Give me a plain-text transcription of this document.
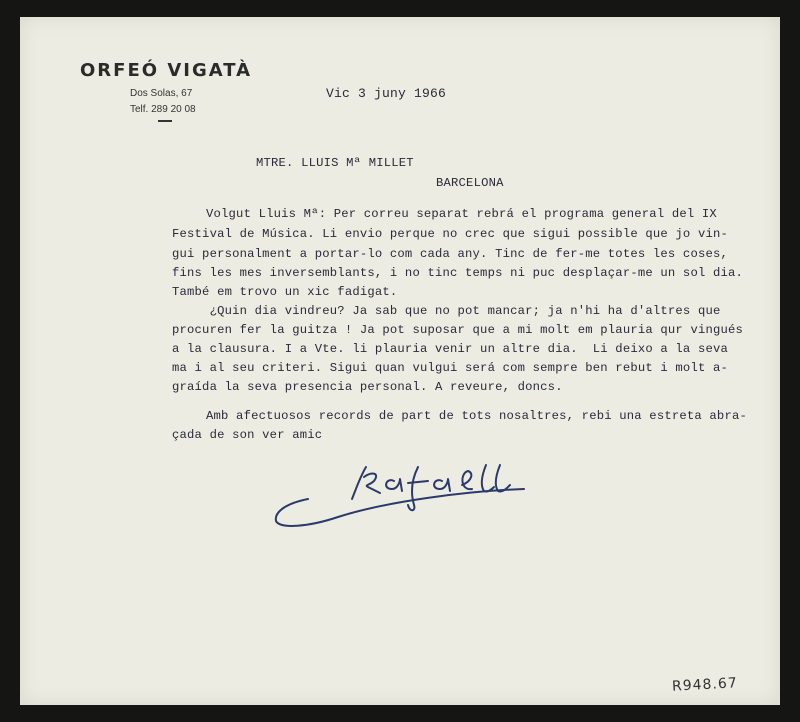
ORFEÓ VIGATÀ
Dos Solas, 67
Telf. 289 20 08
Vic 3 juny 1966
MTRE. LLUIS Mª MILLET
BARCELONA
Volgut Lluis Mª: Per correu separat rebrá el programa general del IX
Festival de Música. Li envio perque no crec que sigui possible que jo vin-
gui personalment a portar-lo com cada any. Tinc de fer-me totes les coses,
fins les mes inversemblants, i no tinc temps ni puc desplaçar-me un sol dia.
També em trovo un xic fadigat.
¿Quin dia vindreu? Ja sab que no pot mancar; ja n'hi ha d'altres que
procuren fer la guitza ! Ja pot suposar que a mi molt em plauria qur vingués
a la clausura. I a Vte. li plauria venir un altre dia.  Li deixo a la seva
ma i al seu criteri. Sigui quan vulgui será com sempre ben rebut i molt a-
graída la seva presencia personal. A reveure, doncs.
Amb afectuosos records de part de tots nosaltres, rebi una estreta abra-
çada de son ver amic
R948.67
